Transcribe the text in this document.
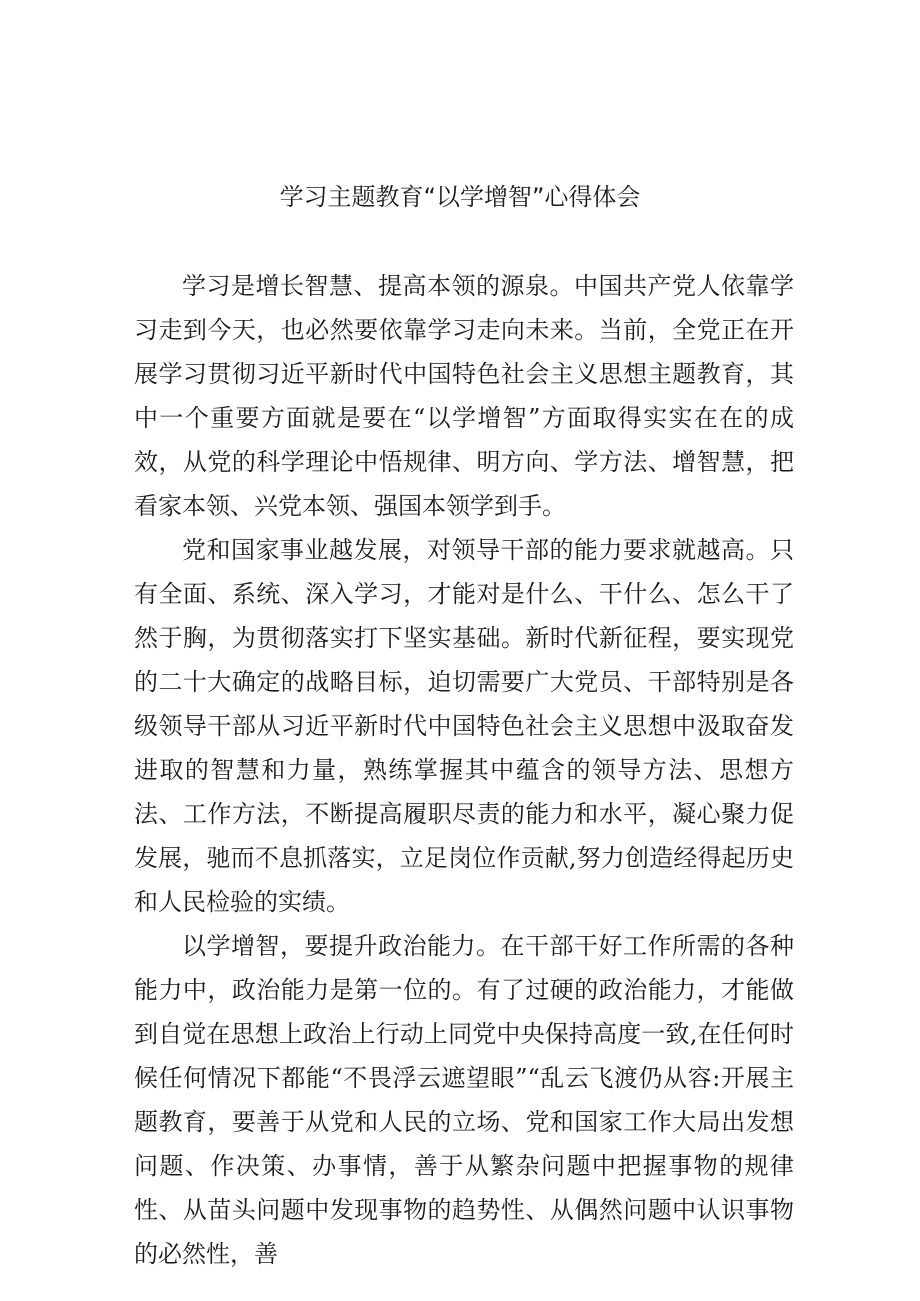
学习主题教育“以学增智”心得体会

学习是增长智慧、提高本领的源泉。中国共产党人依靠学习走到今天，也必然要依靠学习走向未来。当前，全党正在开展学习贯彻习近平新时代中国特色社会主义思想主题教育，其中一个重要方面就是要在“以学增智”方面取得实实在在的成效，从党的科学理论中悟规律、明方向、学方法、增智慧，把看家本领、兴党本领、强国本领学到手。

党和国家事业越发展，对领导干部的能力要求就越高。只有全面、系统、深入学习，才能对是什么、干什么、怎么干了然于胸，为贯彻落实打下坚实基础。新时代新征程，要实现党的二十大确定的战略目标，迫切需要广大党员、干部特别是各级领导干部从习近平新时代中国特色社会主义思想中汲取奋发进取的智慧和力量，熟练掌握其中蕴含的领导方法、思想方法、工作方法，不断提高履职尽责的能力和水平，凝心聚力促发展，驰而不息抓落实，立足岗位作贡献,努力创造经得起历史和人民检验的实绩。

以学增智，要提升政治能力。在干部干好工作所需的各种能力中，政治能力是第一位的。有了过硬的政治能力，才能做到自觉在思想上政治上行动上同党中央保持高度一致,在任何时候任何情况下都能“不畏浮云遮望眼”“乱云飞渡仍从容:开展主题教育，要善于从党和人民的立场、党和国家工作大局出发想问题、作决策、办事情，善于从繁杂问题中把握事物的规律性、从苗头问题中发现事物的趋势性、从偶然问题中认识事物的必然性，善
